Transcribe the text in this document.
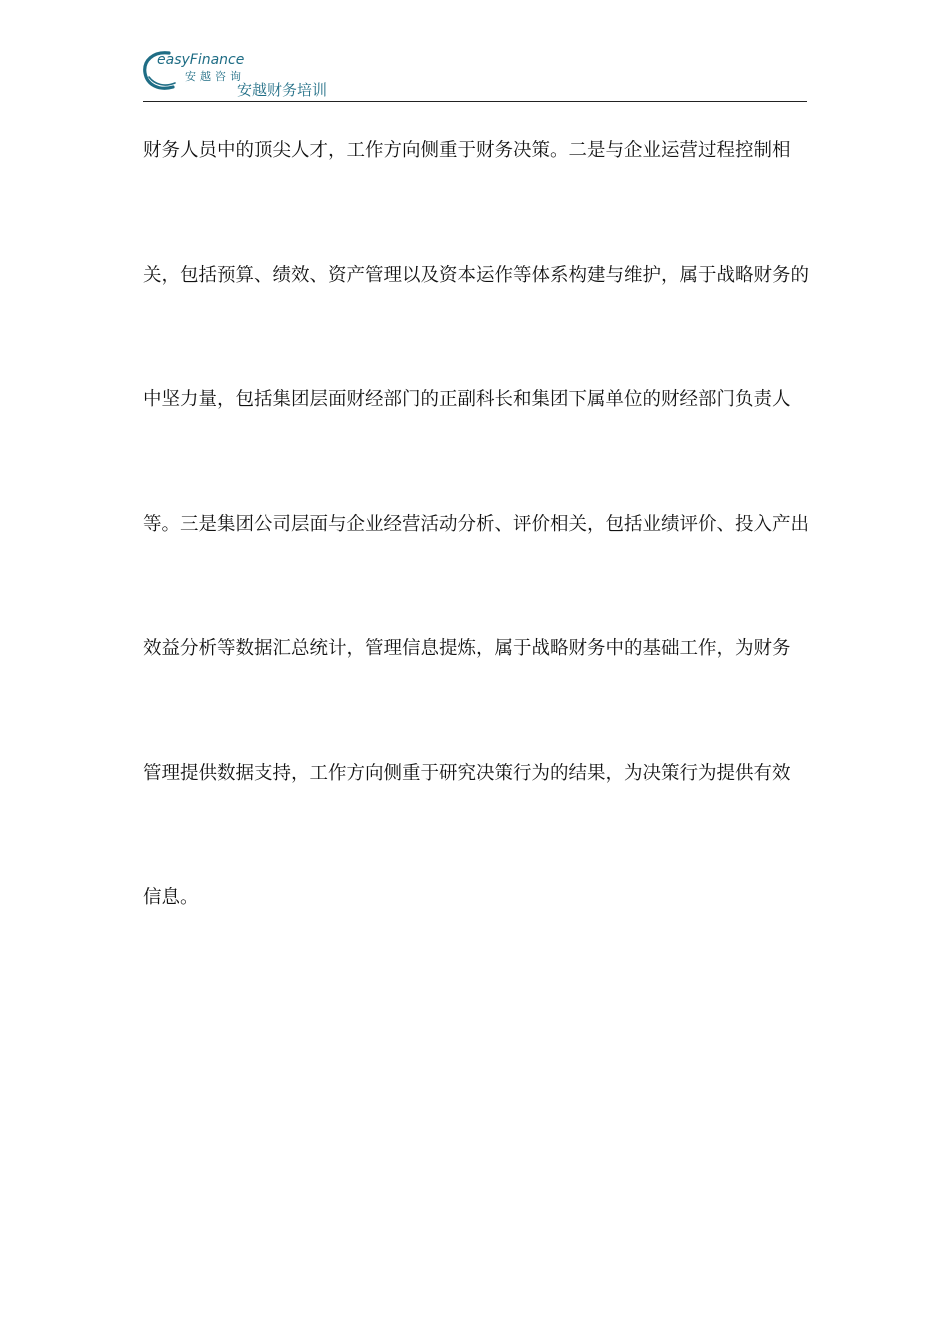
easyFinance
安越咨询
安越财务培训
财务人员中的顶尖人才，工作方向侧重于财务决策。二是与企业运营过程控制相
关，包括预算、绩效、资产管理以及资本运作等体系构建与维护，属于战略财务的
中坚力量，包括集团层面财经部门的正副科长和集团下属单位的财经部门负责人
等。三是集团公司层面与企业经营活动分析、评价相关，包括业绩评价、投入产出
效益分析等数据汇总统计，管理信息提炼，属于战略财务中的基础工作，为财务
管理提供数据支持，工作方向侧重于研究决策行为的结果，为决策行为提供有效
信息。
